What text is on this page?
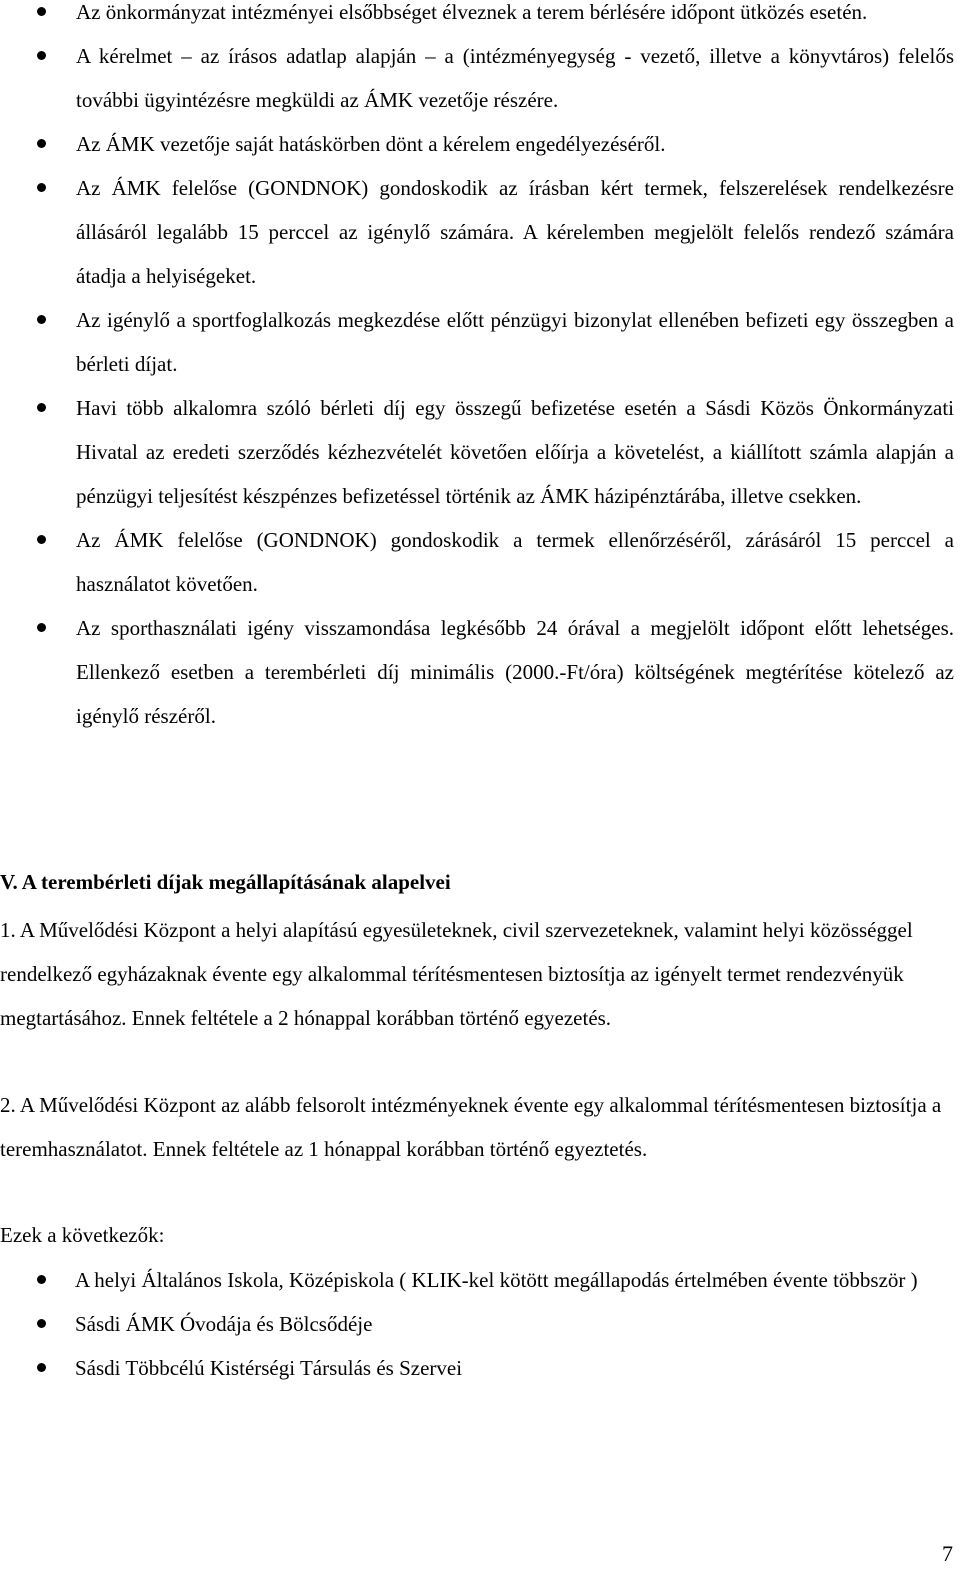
Az önkormányzat intézményei elsőbbséget élveznek a terem bérlésére időpont ütközés esetén.
A kérelmet – az írásos adatlap alapján – a (intézményegység - vezető, illetve a könyvtáros) felelős további ügyintézésre megküldi az ÁMK vezetője részére.
Az ÁMK vezetője saját hatáskörben dönt a kérelem engedélyezéséről.
Az ÁMK felelőse (GONDNOK) gondoskodik az írásban kért termek, felszerelések rendelkezésre állásáról legalább 15 perccel az igénylő számára. A kérelemben megjelölt felelős rendező számára átadja a helyiségeket.
Az igénylő a sportfoglalkozás megkezdése előtt pénzügyi bizonylat ellenében befizeti egy összegben a bérleti díjat.
Havi több alkalomra szóló bérleti díj egy összegű befizetése esetén a Sásdi Közös Önkormányzati Hivatal az eredeti szerződés kézhezvételét követően előírja a követelést, a kiállított számla alapján a pénzügyi teljesítést készpénzes befizetéssel történik az ÁMK házipénztárába, illetve csekken.
Az ÁMK felelőse (GONDNOK) gondoskodik a termek ellenőrzéséről, zárásáról 15 perccel a használatot követően.
Az sporthasználati igény visszamondása legkésőbb 24 órával a megjelölt időpont előtt lehetséges. Ellenkező esetben a terembérleti díj minimális (2000.-Ft/óra) költségének megtérítése kötelező az igénylő részéről.
V. A terembérleti díjak megállapításának alapelvei

1. A Művelődési Központ a helyi alapítású egyesületeknek, civil szervezeteknek, valamint helyi közösséggel rendelkező egyházaknak évente egy alkalommal térítésmentesen biztosítja az igényelt termet rendezvényük megtartásához. Ennek feltétele a 2 hónappal korábban történő egyezetés.

2. A Művelődési Központ az alább felsorolt intézményeknek évente egy alkalommal térítésmentesen biztosítja a teremhasználatot. Ennek feltétele az 1 hónappal korábban történő egyeztetés.

Ezek a következők:

A helyi Általános Iskola, Középiskola ( KLIK-kel kötött megállapodás értelmében évente többször )
Sásdi ÁMK Óvodája és Bölcsődéje
Sásdi Többcélú Kistérségi Társulás és Szervei
7
